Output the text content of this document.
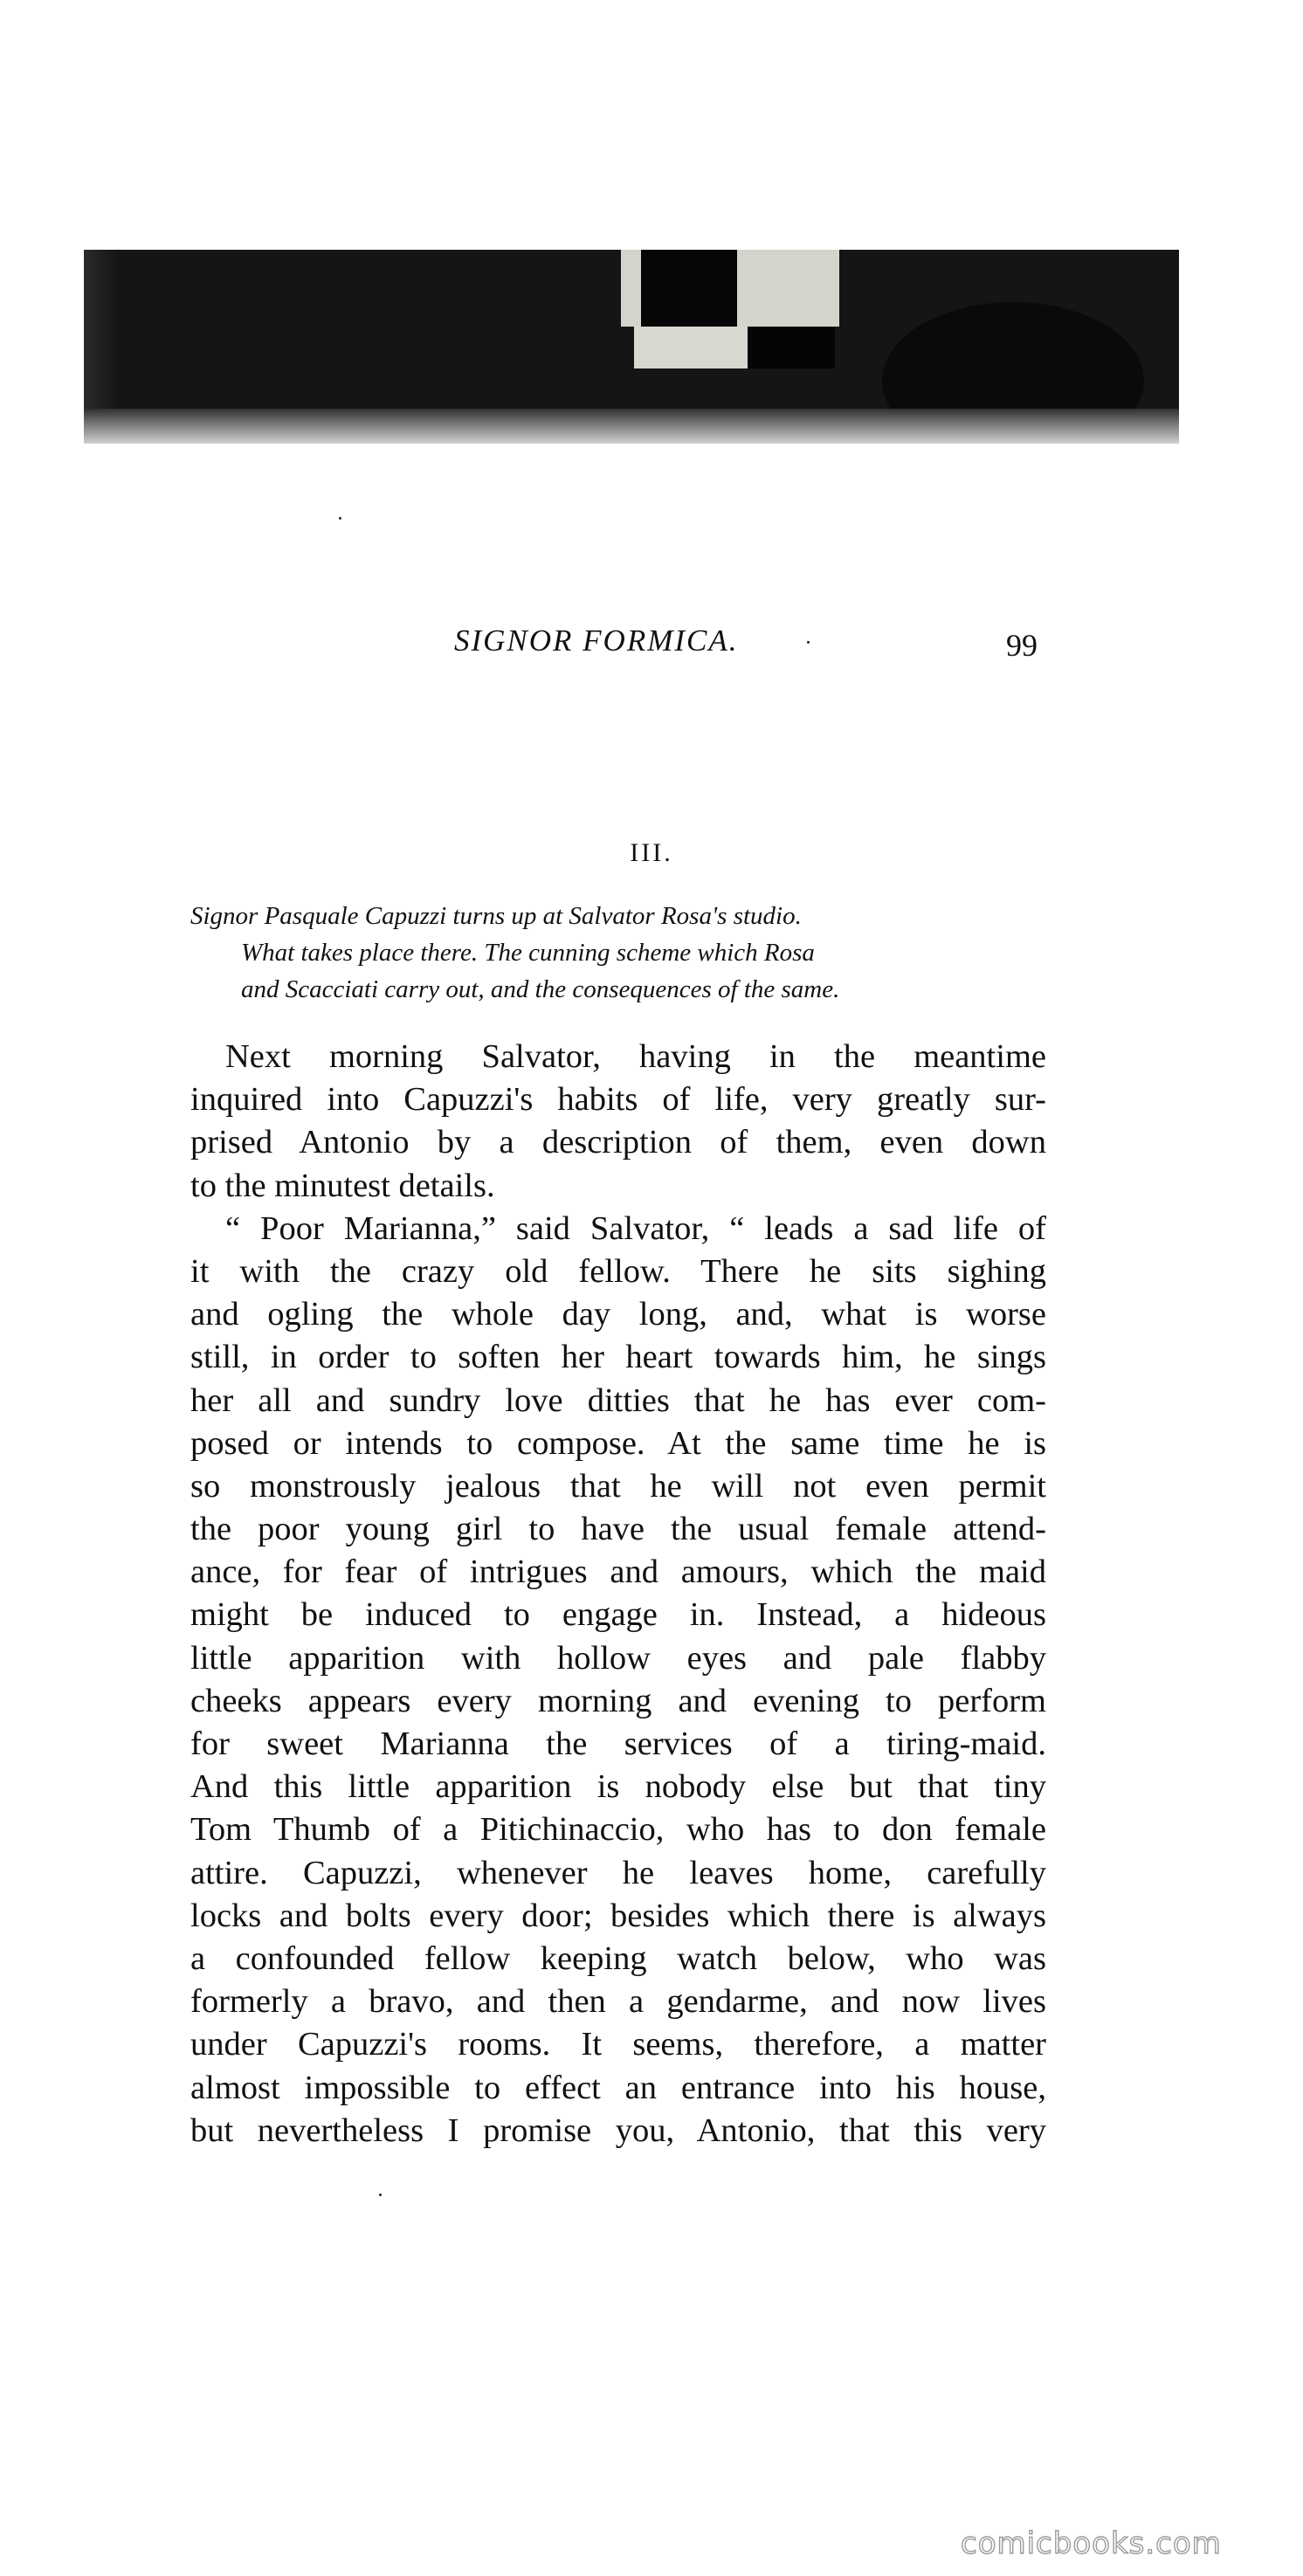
SIGNOR FORMICA.	99
III.
Signor Pasquale Capuzzi turns up at Salvator Rosa's studio.
What takes place there. The cunning scheme which Rosa
and Scacciati carry out, and the consequences of the same.
Next morning Salvator, having in the meantime
inquired into Capuzzi's habits of life, very greatly sur-
prised Antonio by a description of them, even down
to the minutest details.
“ Poor Marianna,” said Salvator, “ leads a sad life of
it with the crazy old fellow. There he sits sighing
and ogling the whole day long, and, what is worse
still, in order to soften her heart towards him, he sings
her all and sundry love ditties that he has ever com-
posed or intends to compose. At the same time he is
so monstrously jealous that he will not even permit
the poor young girl to have the usual female attend-
ance, for fear of intrigues and amours, which the maid
might be induced to engage in. Instead, a hideous
little apparition with hollow eyes and pale flabby
cheeks appears every morning and evening to perform
for sweet Marianna the services of a tiring-maid.
And this little apparition is nobody else but that tiny
Tom Thumb of a Pitichinaccio, who has to don female
attire. Capuzzi, whenever he leaves home, carefully
locks and bolts every door; besides which there is always
a confounded fellow keeping watch below, who was
formerly a bravo, and then a gendarme, and now lives
under Capuzzi's rooms. It seems, therefore, a matter
almost impossible to effect an entrance into his house,
but nevertheless I promise you, Antonio, that this very
comicbooks.com
